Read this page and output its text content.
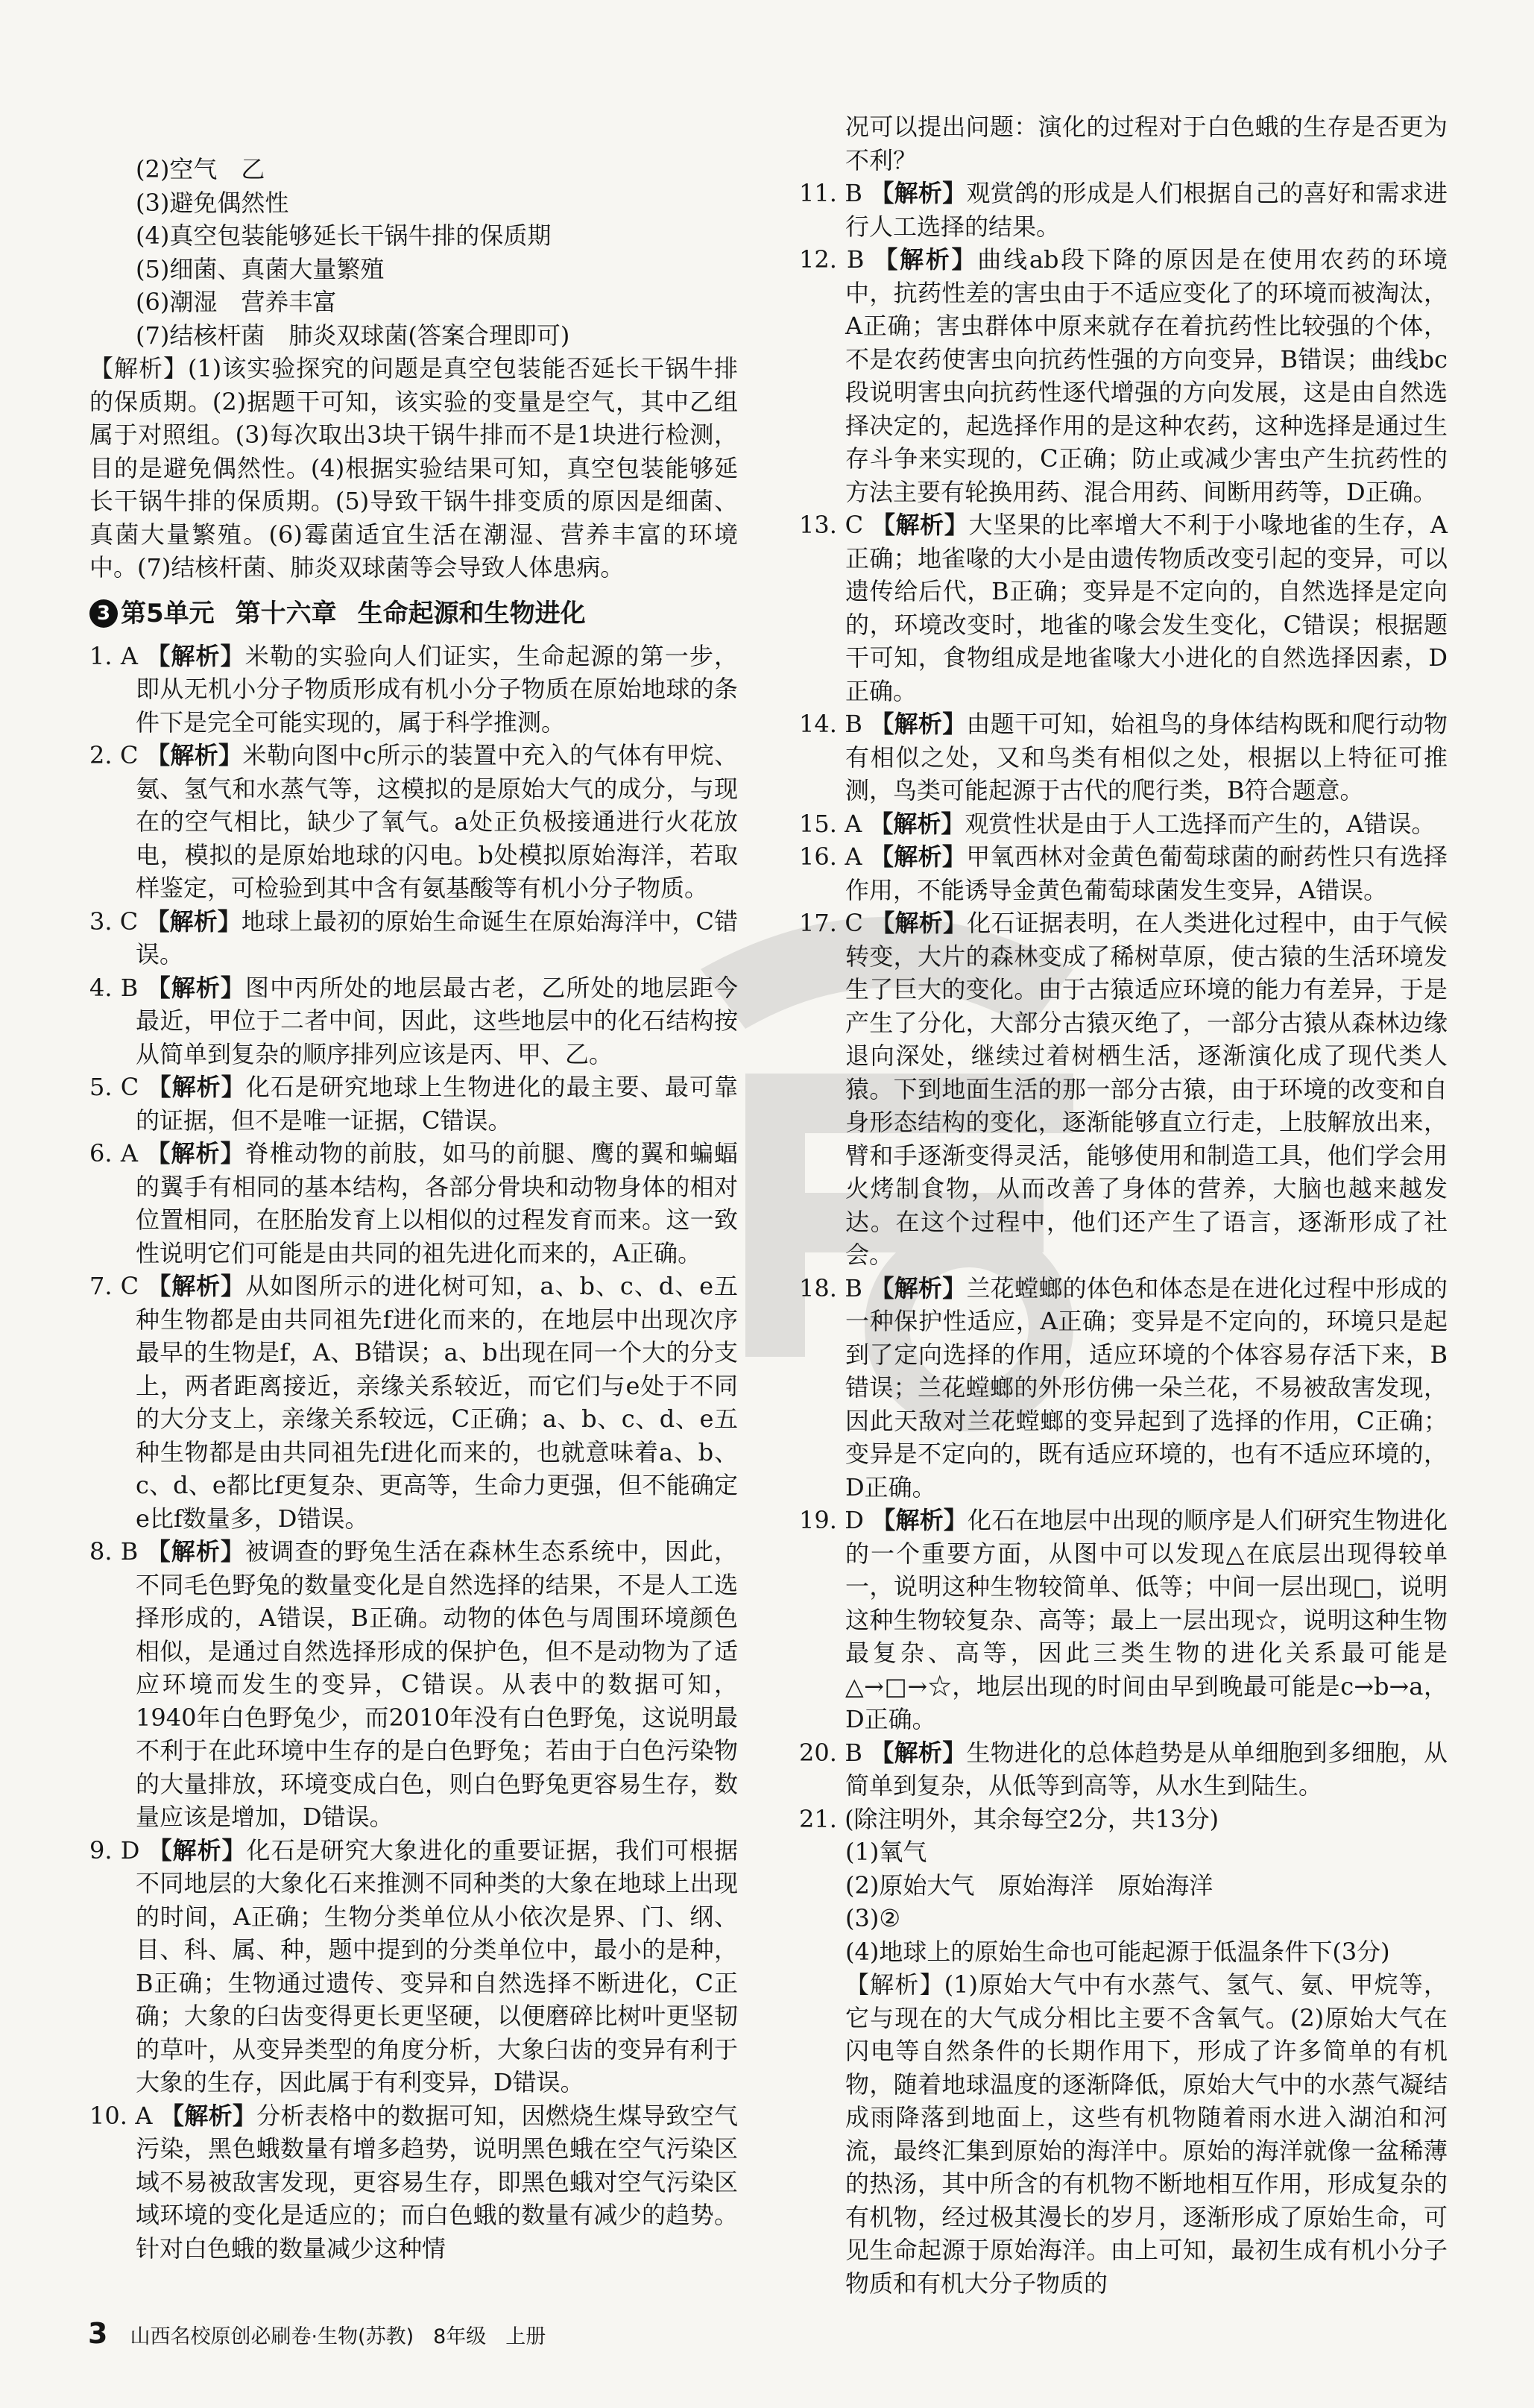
(2)空气　乙

(3)避免偶然性

(4)真空包装能够延长干锅牛排的保质期

(5)细菌、真菌大量繁殖

(6)潮湿　营养丰富

(7)结核杆菌　肺炎双球菌(答案合理即可)

【解析】(1)该实验探究的问题是真空包装能否延长干锅牛排的保质期。(2)据题干可知，该实验的变量是空气，其中乙组属于对照组。(3)每次取出3块干锅牛排而不是1块进行检测，目的是避免偶然性。(4)根据实验结果可知，真空包装能够延长干锅牛排的保质期。(5)导致干锅牛排变质的原因是细菌、真菌大量繁殖。(6)霉菌适宜生活在潮湿、营养丰富的环境中。(7)结核杆菌、肺炎双球菌等会导致人体患病。

3 第5单元 第十六章 生命起源和生物进化

1. A 【解析】米勒的实验向人们证实，生命起源的第一步，即从无机小分子物质形成有机小分子物质在原始地球的条件下是完全可能实现的，属于科学推测。

2. C 【解析】米勒向图中c所示的装置中充入的气体有甲烷、氨、氢气和水蒸气等，这模拟的是原始大气的成分，与现在的空气相比，缺少了氧气。a处正负极接通进行火花放电，模拟的是原始地球的闪电。b处模拟原始海洋，若取样鉴定，可检验到其中含有氨基酸等有机小分子物质。

3. C 【解析】地球上最初的原始生命诞生在原始海洋中，C错误。

4. B 【解析】图中丙所处的地层最古老，乙所处的地层距今最近，甲位于二者中间，因此，这些地层中的化石结构按从简单到复杂的顺序排列应该是丙、甲、乙。

5. C 【解析】化石是研究地球上生物进化的最主要、最可靠的证据，但不是唯一证据，C错误。

6. A 【解析】脊椎动物的前肢，如马的前腿、鹰的翼和蝙蝠的翼手有相同的基本结构，各部分骨块和动物身体的相对位置相同，在胚胎发育上以相似的过程发育而来。这一致性说明它们可能是由共同的祖先进化而来的，A正确。

7. C 【解析】从如图所示的进化树可知，a、b、c、d、e五种生物都是由共同祖先f进化而来的，在地层中出现次序最早的生物是f，A、B错误；a、b出现在同一个大的分支上，两者距离接近，亲缘关系较近，而它们与e处于不同的大分支上，亲缘关系较远，C正确；a、b、c、d、e五种生物都是由共同祖先f进化而来的，也就意味着a、b、c、d、e都比f更复杂、更高等，生命力更强，但不能确定e比f数量多，D错误。

8. B 【解析】被调查的野兔生活在森林生态系统中，因此，不同毛色野兔的数量变化是自然选择的结果，不是人工选择形成的，A错误，B正确。动物的体色与周围环境颜色相似，是通过自然选择形成的保护色，但不是动物为了适应环境而发生的变异，C错误。从表中的数据可知，1940年白色野兔少，而2010年没有白色野兔，这说明最不利于在此环境中生存的是白色野兔；若由于白色污染物的大量排放，环境变成白色，则白色野兔更容易生存，数量应该是增加，D错误。

9. D 【解析】化石是研究大象进化的重要证据，我们可根据不同地层的大象化石来推测不同种类的大象在地球上出现的时间，A正确；生物分类单位从小依次是界、门、纲、目、科、属、种，题中提到的分类单位中，最小的是种，B正确；生物通过遗传、变异和自然选择不断进化，C正确；大象的臼齿变得更长更坚硬，以便磨碎比树叶更坚韧的草叶，从变异类型的角度分析，大象臼齿的变异有利于大象的生存，因此属于有利变异，D错误。

10. A 【解析】分析表格中的数据可知，因燃烧生煤导致空气污染，黑色蛾数量有增多趋势，说明黑色蛾在空气污染区域不易被敌害发现，更容易生存，即黑色蛾对空气污染区域环境的变化是适应的；而白色蛾的数量有减少的趋势。针对白色蛾的数量减少这种情

况可以提出问题：演化的过程对于白色蛾的生存是否更为不利？

11. B 【解析】观赏鸽的形成是人们根据自己的喜好和需求进行人工选择的结果。

12. B 【解析】曲线ab段下降的原因是在使用农药的环境中，抗药性差的害虫由于不适应变化了的环境而被淘汰，A正确；害虫群体中原来就存在着抗药性比较强的个体，不是农药使害虫向抗药性强的方向变异，B错误；曲线bc段说明害虫向抗药性逐代增强的方向发展，这是由自然选择决定的，起选择作用的是这种农药，这种选择是通过生存斗争来实现的，C正确；防止或减少害虫产生抗药性的方法主要有轮换用药、混合用药、间断用药等，D正确。

13. C 【解析】大坚果的比率增大不利于小喙地雀的生存，A正确；地雀喙的大小是由遗传物质改变引起的变异，可以遗传给后代，B正确；变异是不定向的，自然选择是定向的，环境改变时，地雀的喙会发生变化，C错误；根据题干可知，食物组成是地雀喙大小进化的自然选择因素，D正确。

14. B 【解析】由题干可知，始祖鸟的身体结构既和爬行动物有相似之处，又和鸟类有相似之处，根据以上特征可推测，鸟类可能起源于古代的爬行类，B符合题意。

15. A 【解析】观赏性状是由于人工选择而产生的，A错误。

16. A 【解析】甲氧西林对金黄色葡萄球菌的耐药性只有选择作用，不能诱导金黄色葡萄球菌发生变异，A错误。

17. C 【解析】化石证据表明，在人类进化过程中，由于气候转变，大片的森林变成了稀树草原，使古猿的生活环境发生了巨大的变化。由于古猿适应环境的能力有差异，于是产生了分化，大部分古猿灭绝了，一部分古猿从森林边缘退向深处，继续过着树栖生活，逐渐演化成了现代类人猿。下到地面生活的那一部分古猿，由于环境的改变和自身形态结构的变化，逐渐能够直立行走，上肢解放出来，臂和手逐渐变得灵活，能够使用和制造工具，他们学会用火烤制食物，从而改善了身体的营养，大脑也越来越发达。在这个过程中，他们还产生了语言，逐渐形成了社会。

18. B 【解析】兰花螳螂的体色和体态是在进化过程中形成的一种保护性适应，A正确；变异是不定向的，环境只是起到了定向选择的作用，适应环境的个体容易存活下来，B错误；兰花螳螂的外形仿佛一朵兰花，不易被敌害发现，因此天敌对兰花螳螂的变异起到了选择的作用，C正确；变异是不定向的，既有适应环境的，也有不适应环境的，D正确。

19. D 【解析】化石在地层中出现的顺序是人们研究生物进化的一个重要方面，从图中可以发现△在底层出现得较单一，说明这种生物较简单、低等；中间一层出现□，说明这种生物较复杂、高等；最上一层出现☆，说明这种生物最复杂、高等，因此三类生物的进化关系最可能是△→□→☆，地层出现的时间由早到晚最可能是c→b→a，D正确。

20. B 【解析】生物进化的总体趋势是从单细胞到多细胞，从简单到复杂，从低等到高等，从水生到陆生。

21. (除注明外，其余每空2分，共13分)

(1)氧气

(2)原始大气　原始海洋　原始海洋

(3)②

(4)地球上的原始生命也可能起源于低温条件下(3分)

【解析】(1)原始大气中有水蒸气、氢气、氨、甲烷等，它与现在的大气成分相比主要不含氧气。(2)原始大气在闪电等自然条件的长期作用下，形成了许多简单的有机物，随着地球温度的逐渐降低，原始大气中的水蒸气凝结成雨降落到地面上，这些有机物随着雨水进入湖泊和河流，最终汇集到原始的海洋中。原始的海洋就像一盆稀薄的热汤，其中所含的有机物不断地相互作用，形成复杂的有机物，经过极其漫长的岁月，逐渐形成了原始生命，可见生命起源于原始海洋。由上可知，最初生成有机小分子物质和有机大分子物质的

3 山西名校原创必刷卷·生物(苏教) 8年级 上册
